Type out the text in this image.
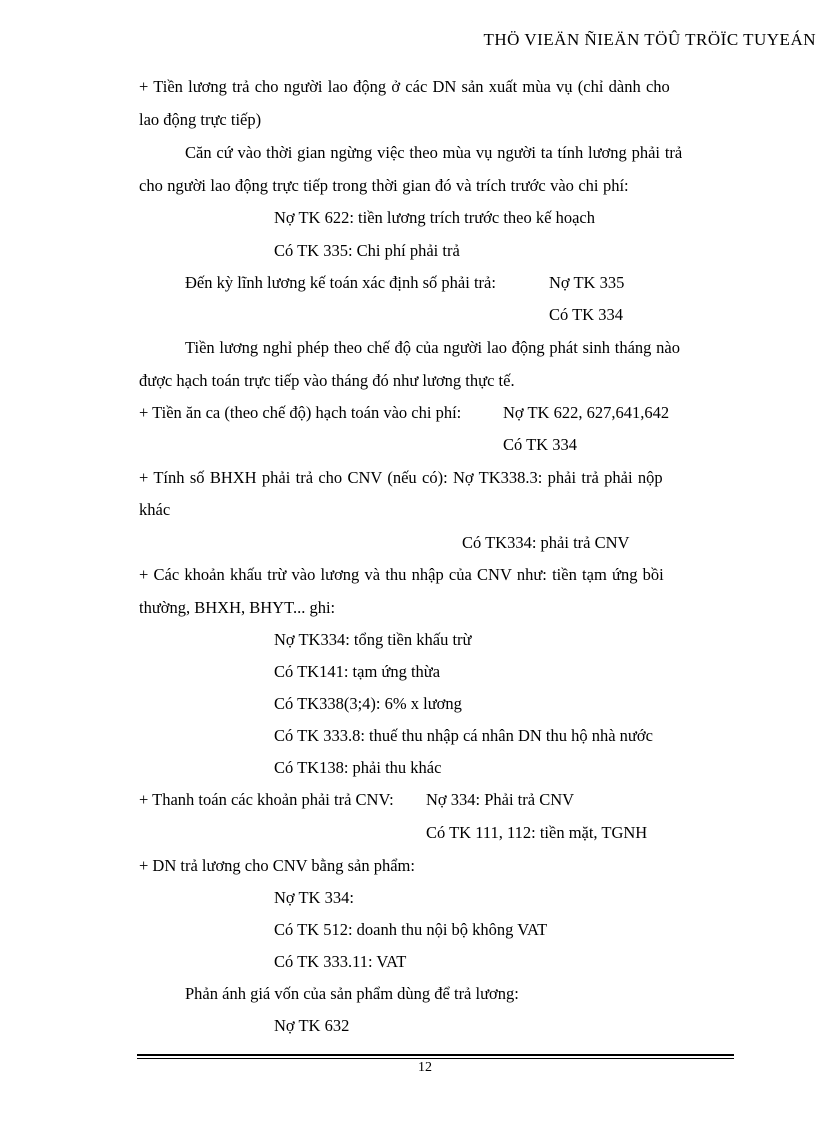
THÖ VIEÄN ÑIEÄN TÖÛ TRÖÏC TUYEÁN
+ Tiền lương trả cho người lao động ở các DN sản xuất mùa vụ (chỉ dành cho
lao động trực tiếp)
Căn cứ vào thời gian ngừng việc theo mùa vụ người ta tính lương phải trả
cho người lao động trực tiếp trong thời gian đó và trích trước vào chi phí:
Nợ TK 622: tiền lương trích trước theo kế hoạch
Có TK 335: Chi phí phải trả
Đến kỳ lĩnh lương kế toán xác định số phải trả:	Nợ TK 335
Có TK 334
Tiền lương nghỉ phép theo chế độ của người lao động phát sinh tháng nào
được hạch toán trực tiếp vào tháng đó như lương thực tế.
+ Tiền ăn ca (theo chế độ) hạch toán vào chi phí:	Nợ TK 622, 627,641,642
Có TK 334
+ Tính số BHXH phải trả cho CNV (nếu có): Nợ TK338.3: phải trả phải nộp
khác
Có TK334: phải trả CNV
+ Các khoản khấu trừ vào lương và thu nhập của CNV như: tiền tạm ứng bồi
thường, BHXH, BHYT... ghi:
Nợ TK334: tổng tiền khấu trừ
Có TK141: tạm ứng thừa
Có TK338(3;4): 6% x lương
Có TK 333.8: thuế thu nhập cá nhân DN thu hộ nhà nước
Có TK138: phải thu khác
+ Thanh toán các khoản phải trả CNV: Nợ 334: Phải trả CNV
Có TK 111, 112: tiền mặt, TGNH
+ DN trả lương cho CNV bằng sản phẩm:
Nợ TK 334:
Có TK 512: doanh thu nội bộ không VAT
Có TK 333.11: VAT
Phản ánh giá vốn của sản phẩm dùng để trả lương:
Nợ TK 632
12
